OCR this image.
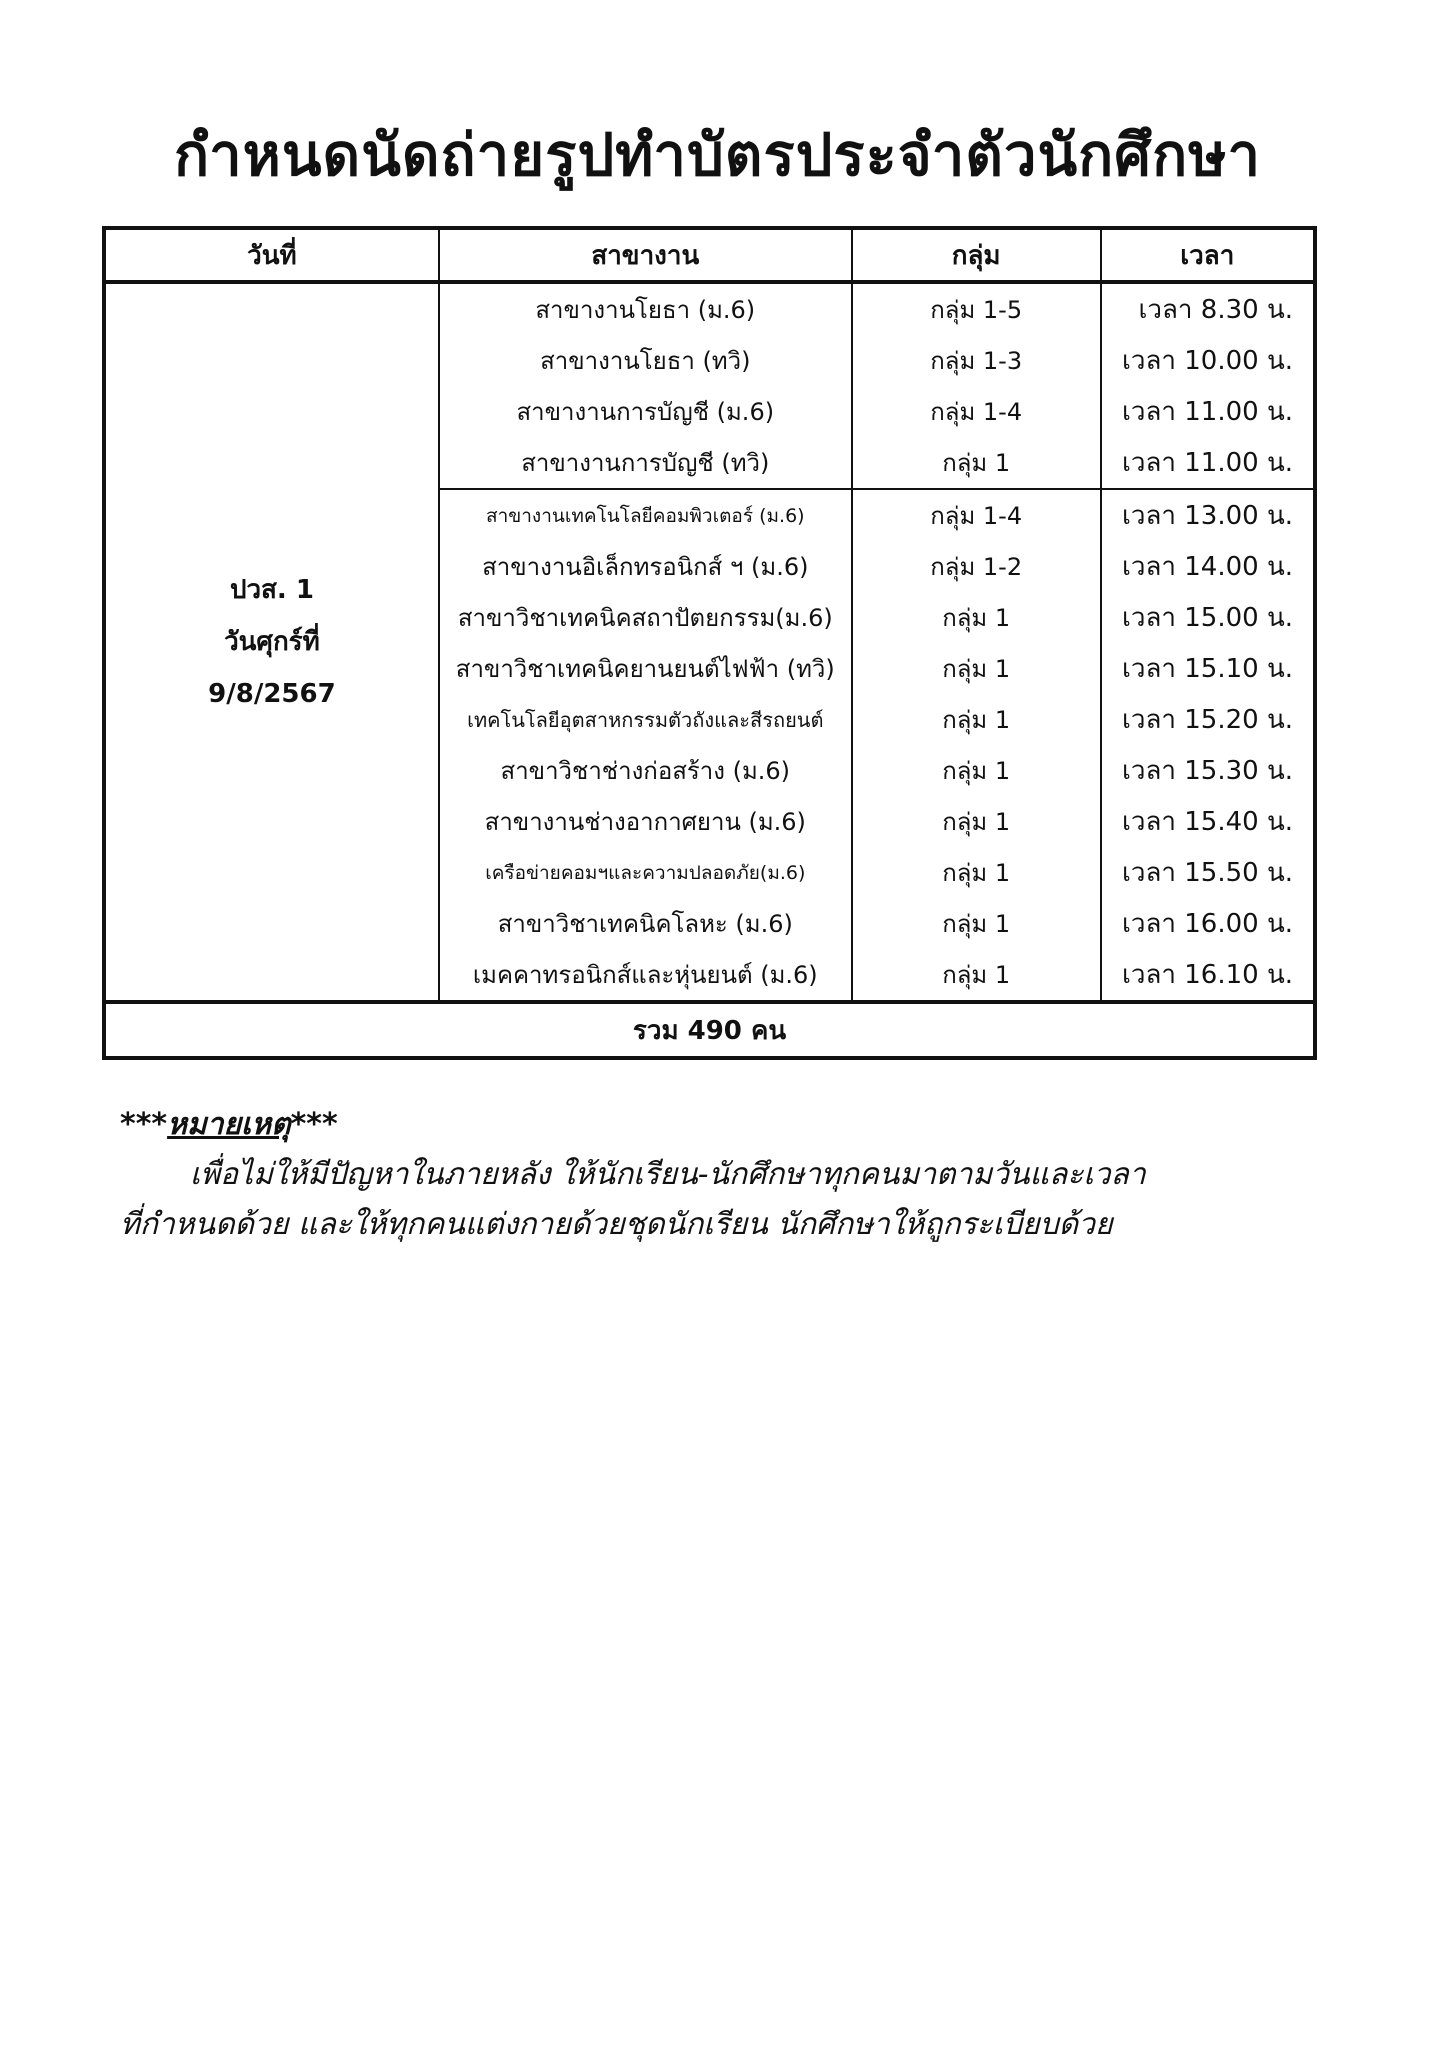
กำหนดนัดถ่ายรูปทำบัตรประจำตัวนักศึกษา
วันที่	สาขางาน	กลุ่ม	เวลา

ปวส. 1
วันศุกร์ที่
9/8/2567	สาขางานโยธา (ม.6)	กลุ่ม 1-5	เวลา 8.30 น.
	สาขางานโยธา (ทวิ)	กลุ่ม 1-3	เวลา 10.00 น.
	สาขางานการบัญชี (ม.6)	กลุ่ม 1-4	เวลา 11.00 น.
	สาขางานการบัญชี (ทวิ)	กลุ่ม 1	เวลา 11.00 น.
	สาขางานเทคโนโลยีคอมพิวเตอร์ (ม.6)	กลุ่ม 1-4	เวลา 13.00 น.
	สาขางานอิเล็กทรอนิกส์ ฯ (ม.6)	กลุ่ม 1-2	เวลา 14.00 น.
	สาขาวิชาเทคนิคสถาปัตยกรรม(ม.6)	กลุ่ม 1	เวลา 15.00 น.
	สาขาวิชาเทคนิคยานยนต์ไฟฟ้า (ทวิ)	กลุ่ม 1	เวลา 15.10 น.
	เทคโนโลยีอุตสาหกรรมตัวถังและสีรถยนต์	กลุ่ม 1	เวลา 15.20 น.
	สาขาวิชาช่างก่อสร้าง (ม.6)	กลุ่ม 1	เวลา 15.30 น.
	สาขางานช่างอากาศยาน (ม.6)	กลุ่ม 1	เวลา 15.40 น.
	เครือข่ายคอมฯและความปลอดภัย(ม.6)	กลุ่ม 1	เวลา 15.50 น.
	สาขาวิชาเทคนิคโลหะ (ม.6)	กลุ่ม 1	เวลา 16.00 น.
	เมคคาทรอนิกส์และหุ่นยนต์ (ม.6)	กลุ่ม 1	เวลา 16.10 น.
รวม 490 คน			
***หมายเหตุ***
เพื่อไม่ให้มีปัญหาในภายหลัง ให้นักเรียน-นักศึกษาทุกคนมาตามวันและเวลา
ที่กำหนดด้วย และให้ทุกคนแต่งกายด้วยชุดนักเรียน นักศึกษาให้ถูกระเบียบด้วย
